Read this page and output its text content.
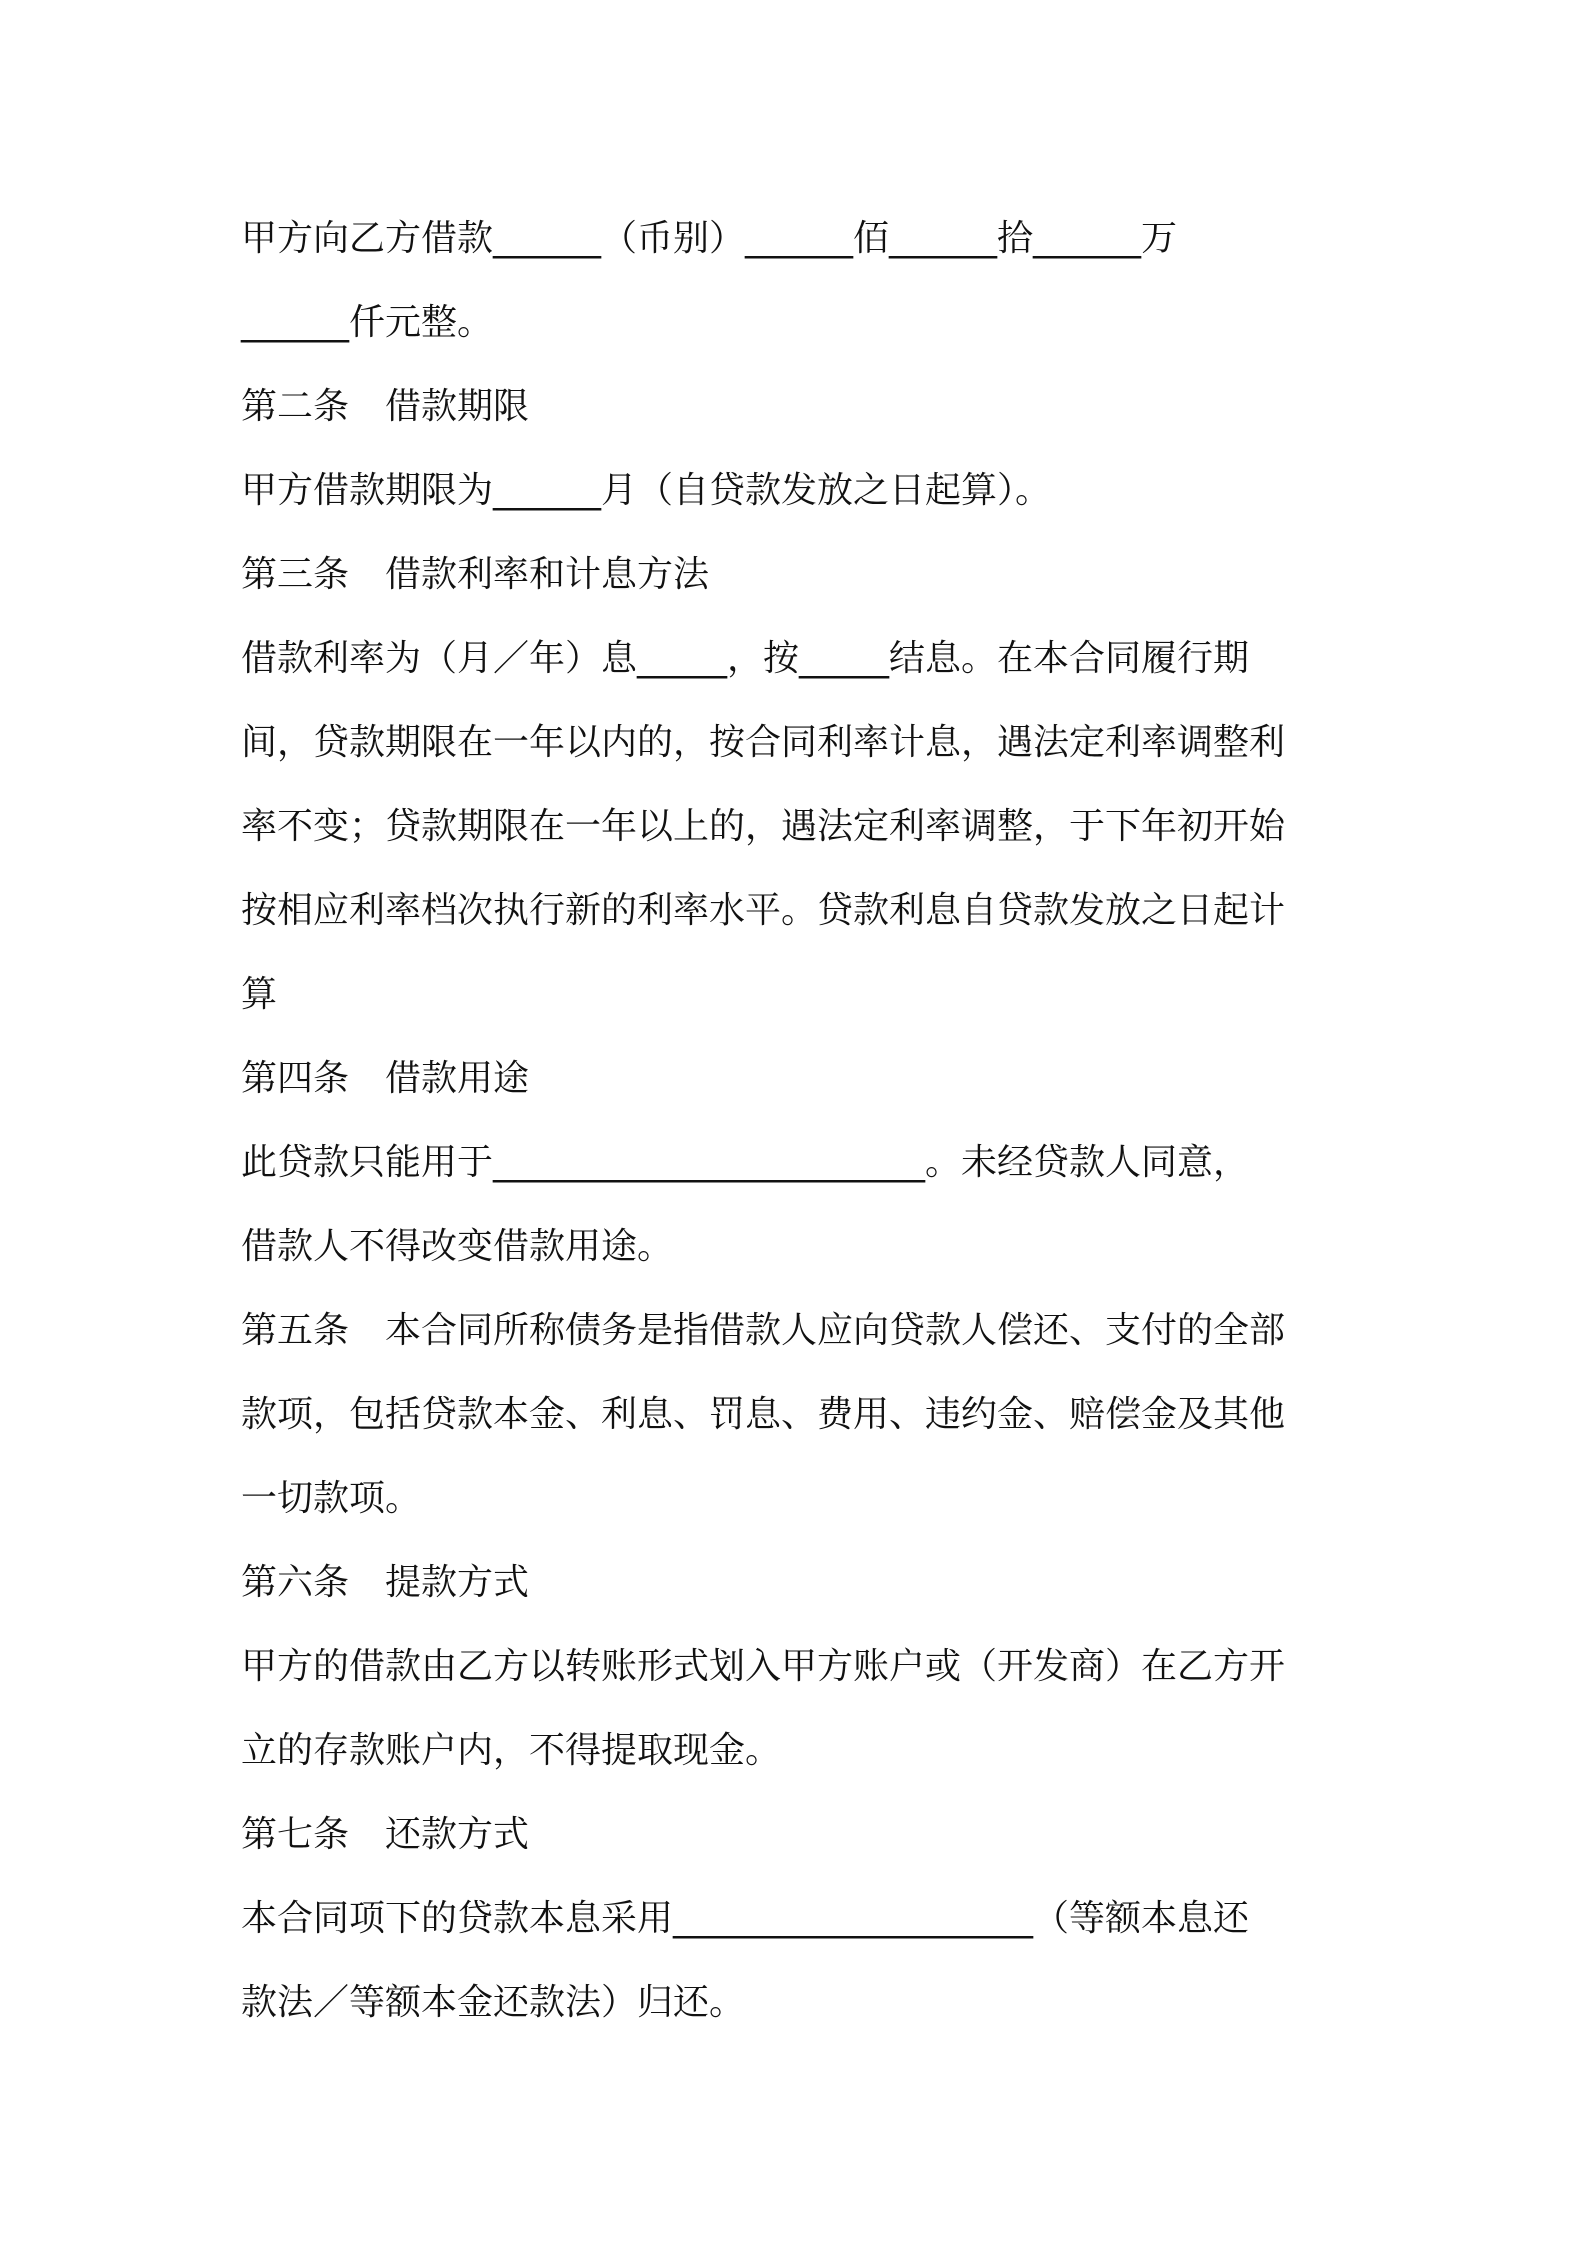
甲方向乙方借款______（币别）______佰______拾______万
______仟元整。
第二条　借款期限
甲方借款期限为______月（自贷款发放之日起算）。
第三条　借款利率和计息方法
借款利率为（月／年）息_____，按_____结息。在本合同履行期
间，贷款期限在一年以内的，按合同利率计息，遇法定利率调整利
率不变；贷款期限在一年以上的，遇法定利率调整，于下年初开始
按相应利率档次执行新的利率水平。贷款利息自贷款发放之日起计
算
第四条　借款用途
此贷款只能用于________________________。未经贷款人同意，
借款人不得改变借款用途。
第五条　本合同所称债务是指借款人应向贷款人偿还、支付的全部
款项，包括贷款本金、利息、罚息、费用、违约金、赔偿金及其他
一切款项。
第六条　提款方式
甲方的借款由乙方以转账形式划入甲方账户或（开发商）在乙方开
立的存款账户内，不得提取现金。
第七条　还款方式
本合同项下的贷款本息采用____________________（等额本息还
款法／等额本金还款法）归还。
